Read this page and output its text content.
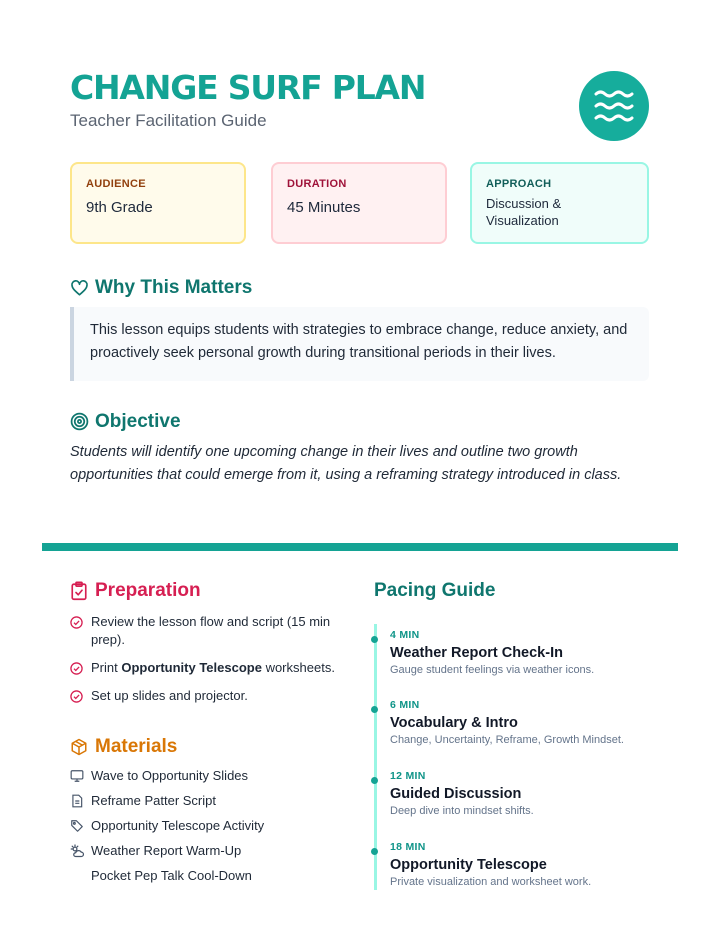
CHANGE SURF PLAN
Teacher Facilitation Guide
AUDIENCE
9th Grade
DURATION
45 Minutes
APPROACH
Discussion &
Visualization
Why This Matters
This lesson equips students with strategies to embrace change, reduce anxiety, and
proactively seek personal growth during transitional periods in their lives.
Objective
Students will identify one upcoming change in their lives and outline two growth
opportunities that could emerge from it, using a reframing strategy introduced in class.
Preparation
Review the lesson flow and script (15 min
prep).
Print Opportunity Telescope worksheets.
Set up slides and projector.
Materials
Wave to Opportunity Slides
Reframe Patter Script
Opportunity Telescope Activity
Weather Report Warm-Up
Pocket Pep Talk Cool-Down
Pacing Guide
4 MIN
Weather Report Check-In
Gauge student feelings via weather icons.
6 MIN
Vocabulary & Intro
Change, Uncertainty, Reframe, Growth Mindset.
12 MIN
Guided Discussion
Deep dive into mindset shifts.
18 MIN
Opportunity Telescope
Private visualization and worksheet work.
